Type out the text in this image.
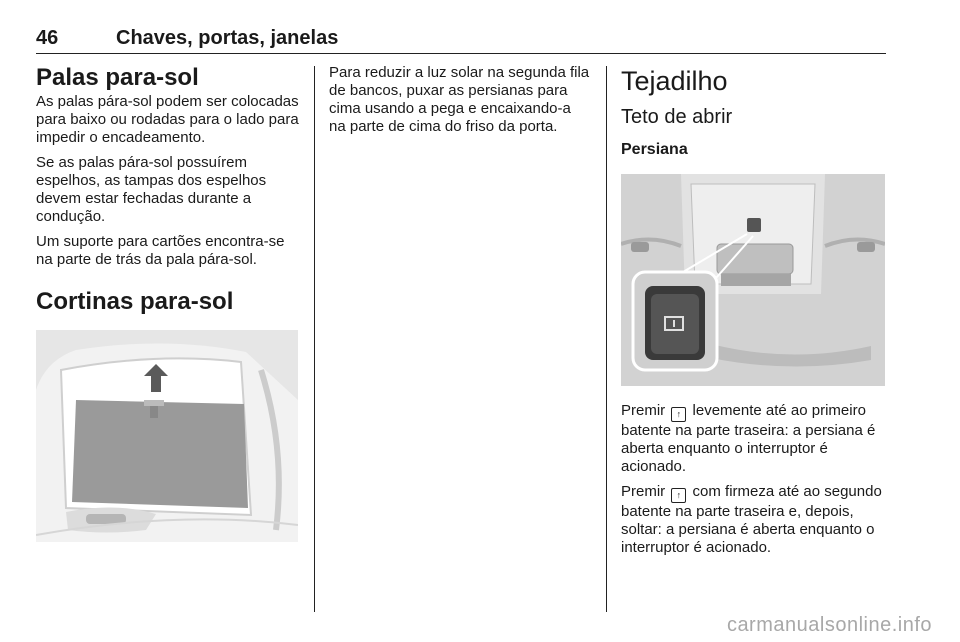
46	Chaves, portas, janelas
Palas para-sol

As palas pára-sol podem ser colocadas para baixo ou rodadas para o lado para impedir o encadeamento.

Se as palas pára-sol possuírem espelhos, as tampas dos espelhos devem estar fechadas durante a condução.

Um suporte para cartões encontra-se na parte de trás da pala pára-sol.

Cortinas para-sol

Para reduzir a luz solar na segunda fila de bancos, puxar as persianas para cima usando a pega e encaixando-a na parte de cima do friso da porta.

Tejadilho
Teto de abrir
Persiana

Premir ↑ levemente até ao primeiro batente na parte traseira: a persiana é aberta enquanto o interruptor é acionado.

Premir ↑ com firmeza até ao segundo batente na parte traseira e, depois, soltar: a persiana é aberta enquanto o interruptor é acionado.

carmanualsonline.info
